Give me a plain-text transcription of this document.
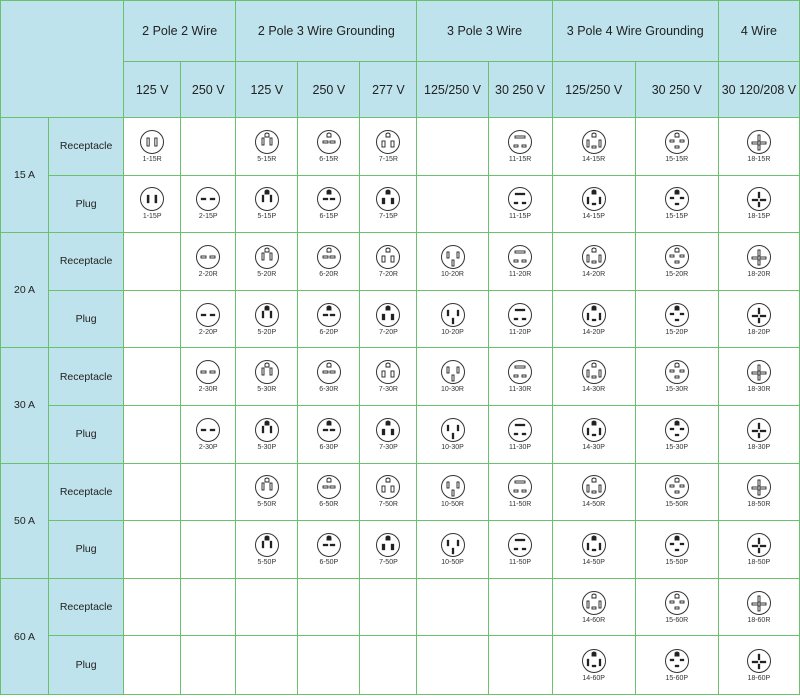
		2 Pole 2 Wire		2 Pole 3 Wire Grounding			3 Pole 3 Wire		3 Pole 4 Wire Grounding		4 Wire
		125 V	250 V	125 V	250 V	277 V	125/250 V	30 250 V	125/250 V	30 250 V	30 120/208 V
15 A	Receptacle	1-15R		5-15R	6-15R	7-15R		11-15R	14-15R	15-15R	18-15R

	Plug	1-15P	2-15P	5-15P	6-15P	7-15P		11-15P	14-15P	15-15P	18-15P

20 A	Receptacle		2-20R	5-20R	6-20R	7-20R	10-20R	11-20R	14-20R	15-20R	18-20R

	Plug		2-20P	5-20P	6-20P	7-20P	10-20P	11-20P	14-20P	15-20P	18-20P

30 A	Receptacle		2-30R	5-30R	6-30R	7-30R	10-30R	11-30R	14-30R	15-30R	18-30R

	Plug		2-30P	5-30P	6-30P	7-30P	10-30P	11-30P	14-30P	15-30P	18-30P

50 A	Receptacle			5-50R	6-50R	7-50R	10-50R	11-50R	14-50R	15-50R	18-50R

	Plug			5-50P	6-50P	7-50P	10-50P	11-50P	14-50P	15-50P	18-50P

60 A	Receptacle								14-60R	15-60R	18-60R

	Plug								14-60P	15-60P	18-60P
